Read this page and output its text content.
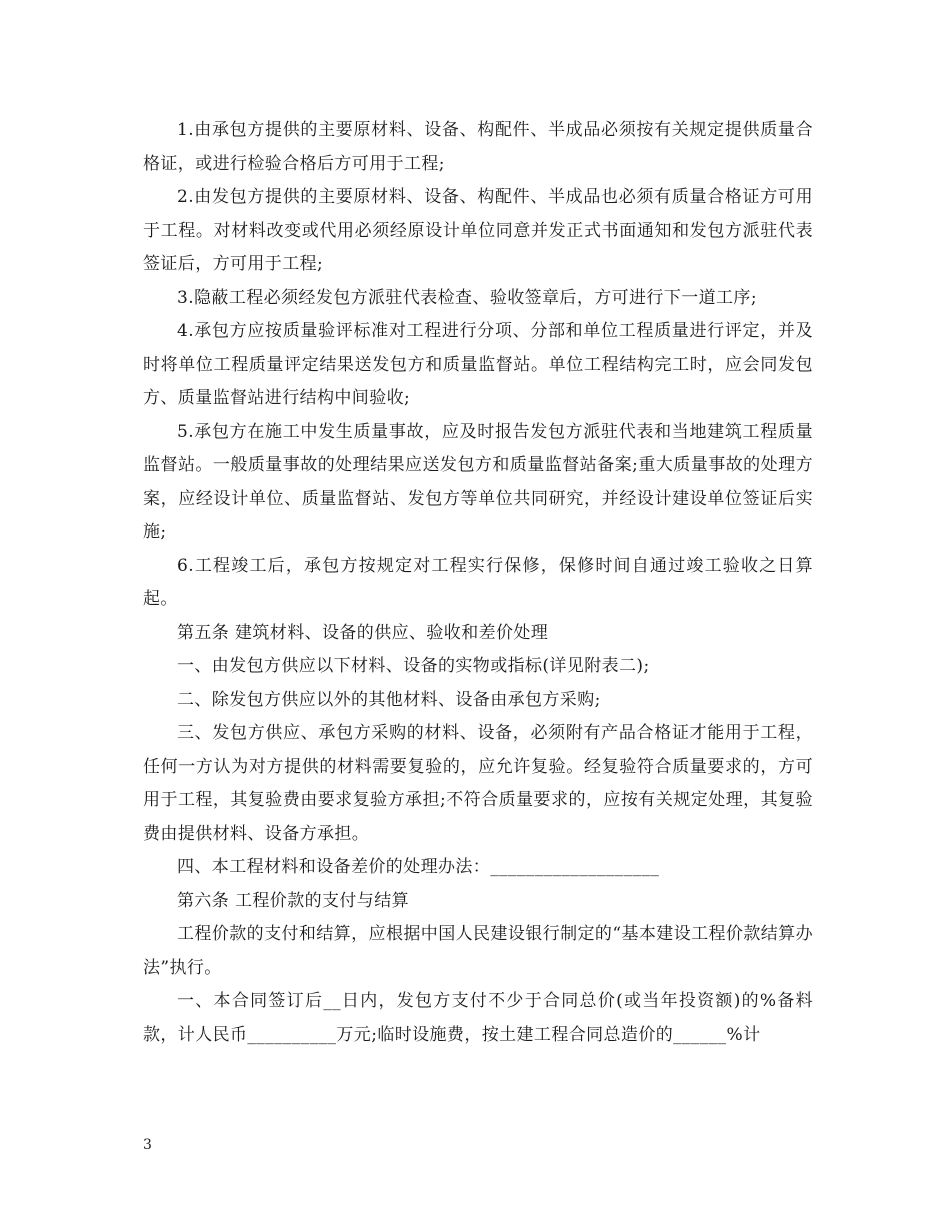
1.由承包方提供的主要原材料、设备、构配件、半成品必须按有关规定提供质量合格证，或进行检验合格后方可用于工程;

2.由发包方提供的主要原材料、设备、构配件、半成品也必须有质量合格证方可用于工程。对材料改变或代用必须经原设计单位同意并发正式书面通知和发包方派驻代表签证后，方可用于工程;

3.隐蔽工程必须经发包方派驻代表检查、验收签章后，方可进行下一道工序;

4.承包方应按质量验评标准对工程进行分项、分部和单位工程质量进行评定，并及时将单位工程质量评定结果送发包方和质量监督站。单位工程结构完工时，应会同发包方、质量监督站进行结构中间验收;

5.承包方在施工中发生质量事故，应及时报告发包方派驻代表和当地建筑工程质量监督站。一般质量事故的处理结果应送发包方和质量监督站备案;重大质量事故的处理方案，应经设计单位、质量监督站、发包方等单位共同研究，并经设计建设单位签证后实施;

6.工程竣工后，承包方按规定对工程实行保修，保修时间自通过竣工验收之日算起。

第五条 建筑材料、设备的供应、验收和差价处理

一、由发包方供应以下材料、设备的实物或指标(详见附表二);

二、除发包方供应以外的其他材料、设备由承包方采购;

三、发包方供应、承包方采购的材料、设备，必须附有产品合格证才能用于工程，任何一方认为对方提供的材料需要复验的，应允许复验。经复验符合质量要求的，方可用于工程，其复验费由要求复验方承担;不符合质量要求的，应按有关规定处理，其复验费由提供材料、设备方承担。

四、本工程材料和设备差价的处理办法：___________________

第六条 工程价款的支付与结算

工程价款的支付和结算，应根据中国人民建设银行制定的“基本建设工程价款结算办法”执行。

一、本合同签订后__日内，发包方支付不少于合同总价(或当年投资额)的%备料款，计人民币__________万元;临时设施费，按土建工程合同总造价的______%计

3
